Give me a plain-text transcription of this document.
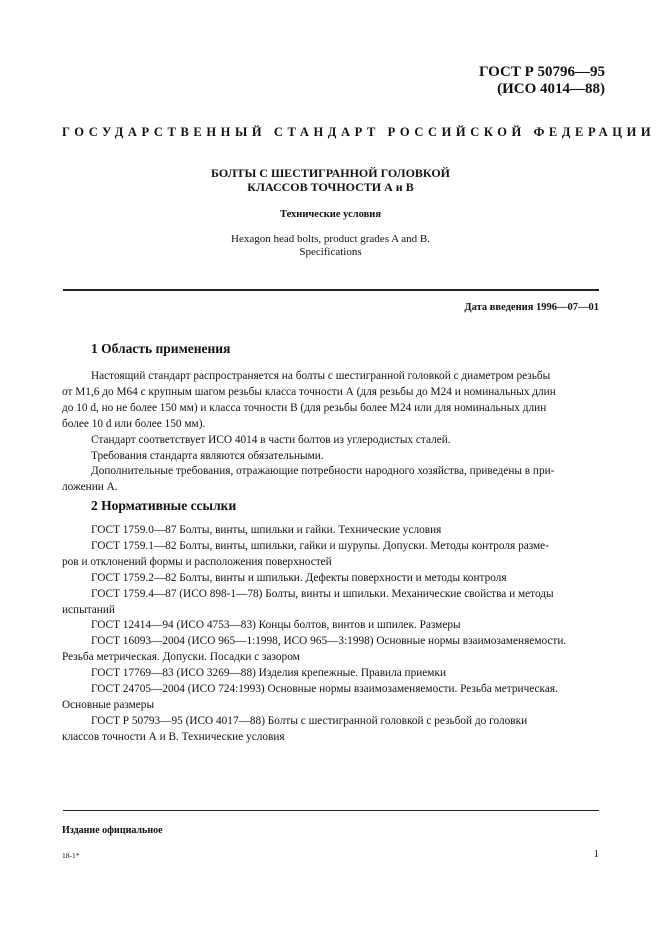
ГОСТ Р 50796—95
(ИСО 4014—88)
ГОСУДАРСТВЕННЫЙ СТАНДАРТ РОССИЙСКОЙ ФЕДЕРАЦИИ
БОЛТЫ С ШЕСТИГРАННОЙ ГОЛОВКОЙ
КЛАССОВ ТОЧНОСТИ А и В
Технические условия
Hexagon head bolts, product grades A and B.
Specifications
Дата введения 1996—07—01
1 Область применения
Настоящий стандарт распространяется на болты с шестигранной головкой с диаметром резьбы
от М1,6 до М64 с крупным шагом резьбы класса точности А (для резьбы до М24 и номинальных длин
до 10 d, но не более 150 мм) и класса точности В (для резьбы более М24 или для номинальных длин
более 10 d или более 150 мм).
Стандарт соответствует ИСО 4014 в части болтов из углеродистых сталей.
Требования стандарта являются обязательными.
Дополнительные требования, отражающие потребности народного хозяйства, приведены в при-
ложении А.
2 Нормативные ссылки
ГОСТ 1759.0—87 Болты, винты, шпильки и гайки. Технические условия
ГОСТ 1759.1—82 Болты, винты, шпильки, гайки и шурупы. Допуски. Методы контроля разме-
ров и отклонений формы и расположения поверхностей
ГОСТ 1759.2—82 Болты, винты и шпильки. Дефекты поверхности и методы контроля
ГОСТ 1759.4—87 (ИСО 898-1—78) Болты, винты и шпильки. Механические свойства и методы
испытаний
ГОСТ 12414—94 (ИСО 4753—83) Концы болтов, винтов и шпилек. Размеры
ГОСТ 16093—2004 (ИСО 965—1:1998, ИСО 965—3:1998) Основные нормы взаимозаменяемости.
Резьба метрическая. Допуски. Посадки с зазором
ГОСТ 17769—83 (ИСО 3269—88) Изделия крепежные. Правила приемки
ГОСТ 24705—2004 (ИСО 724:1993) Основные нормы взаимозаменяемости. Резьба метрическая.
Основные размеры
ГОСТ Р 50793—95 (ИСО 4017—88) Болты с шестигранной головкой с резьбой до головки
классов точности А и В. Технические условия
Издание официальное
18-1*	1
